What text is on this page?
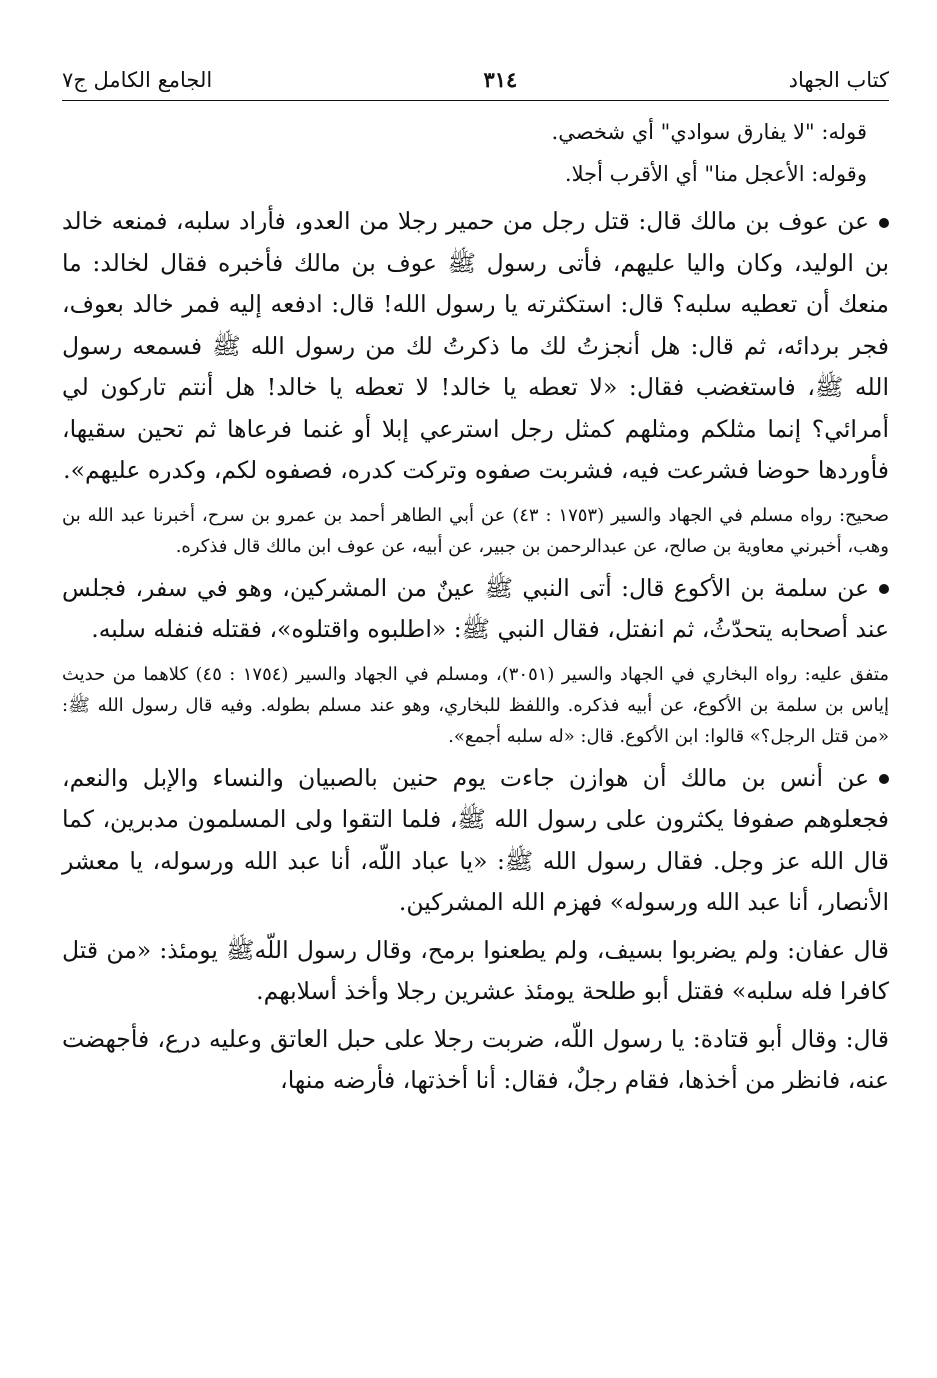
كتاب الجهاد
٣١٤
الجامع الكامل ج٧

قوله: "لا يفارق سوادي" أي شخصي.

وقوله: الأعجل منا" أي الأقرب أجلا.

عن عوف بن مالك قال: قتل رجل من حمير رجلا من العدو، فأراد سلبه، فمنعه خالد بن الوليد، وكان واليا عليهم، فأتى رسول ﷺ عوف بن مالك فأخبره فقال لخالد: ما منعك أن تعطيه سلبه؟ قال: استكثرته يا رسول الله! قال: ادفعه إليه فمر خالد بعوف، فجر بردائه، ثم قال: هل أنجزتُ لك ما ذكرتُ لك من رسول الله ﷺ فسمعه رسول الله ﷺ، فاستغضب فقال: «لا تعطه يا خالد! لا تعطه يا خالد! هل أنتم تاركون لي أمرائي؟ إنما مثلكم ومثلهم كمثل رجل استرعي إبلا أو غنما فرعاها ثم تحين سقيها، فأوردها حوضا فشرعت فيه، فشربت صفوه وتركت كدره، فصفوه لكم، وكدره عليهم».

صحيح: رواه مسلم في الجهاد والسير (١٧٥٣ : ٤٣) عن أبي الطاهر أحمد بن عمرو بن سرح، أخبرنا عبد الله بن وهب، أخبرني معاوية بن صالح، عن عبدالرحمن بن جبير، عن أبيه، عن عوف ابن مالك قال فذكره.

عن سلمة بن الأكوع قال: أتى النبي ﷺ عينٌ من المشركين، وهو في سفر، فجلس عند أصحابه يتحدّثُ، ثم انفتل، فقال النبي ﷺ: «اطلبوه واقتلوه»، فقتله فنفله سلبه.

متفق عليه: رواه البخاري في الجهاد والسير (٣٠٥١)، ومسلم في الجهاد والسير (١٧٥٤ : ٤٥) كلاهما من حديث إياس بن سلمة بن الأكوع، عن أبيه فذكره. واللفظ للبخاري، وهو عند مسلم بطوله. وفيه قال رسول الله ﷺ: «من قتل الرجل؟» قالوا: ابن الأكوع. قال: «له سلبه أجمع».

عن أنس بن مالك أن هوازن جاءت يوم حنين بالصبيان والنساء والإبل والنعم، فجعلوهم صفوفا يكثرون على رسول الله ﷺ، فلما التقوا ولى المسلمون مدبرين، كما قال الله عز وجل. فقال رسول الله ﷺ: «يا عباد اللّه، أنا عبد الله ورسوله، يا معشر الأنصار، أنا عبد الله ورسوله» فهزم الله المشركين.

قال عفان: ولم يضربوا بسيف، ولم يطعنوا برمح، وقال رسول اللّهﷺ يومئذ: «من قتل كافرا فله سلبه» فقتل أبو طلحة يومئذ عشرين رجلا وأخذ أسلابهم.

قال: وقال أبو قتادة: يا رسول اللّه، ضربت رجلا على حبل العاتق وعليه درع، فأجهضت عنه، فانظر من أخذها، فقام رجلٌ، فقال: أنا أخذتها، فأرضه منها،
